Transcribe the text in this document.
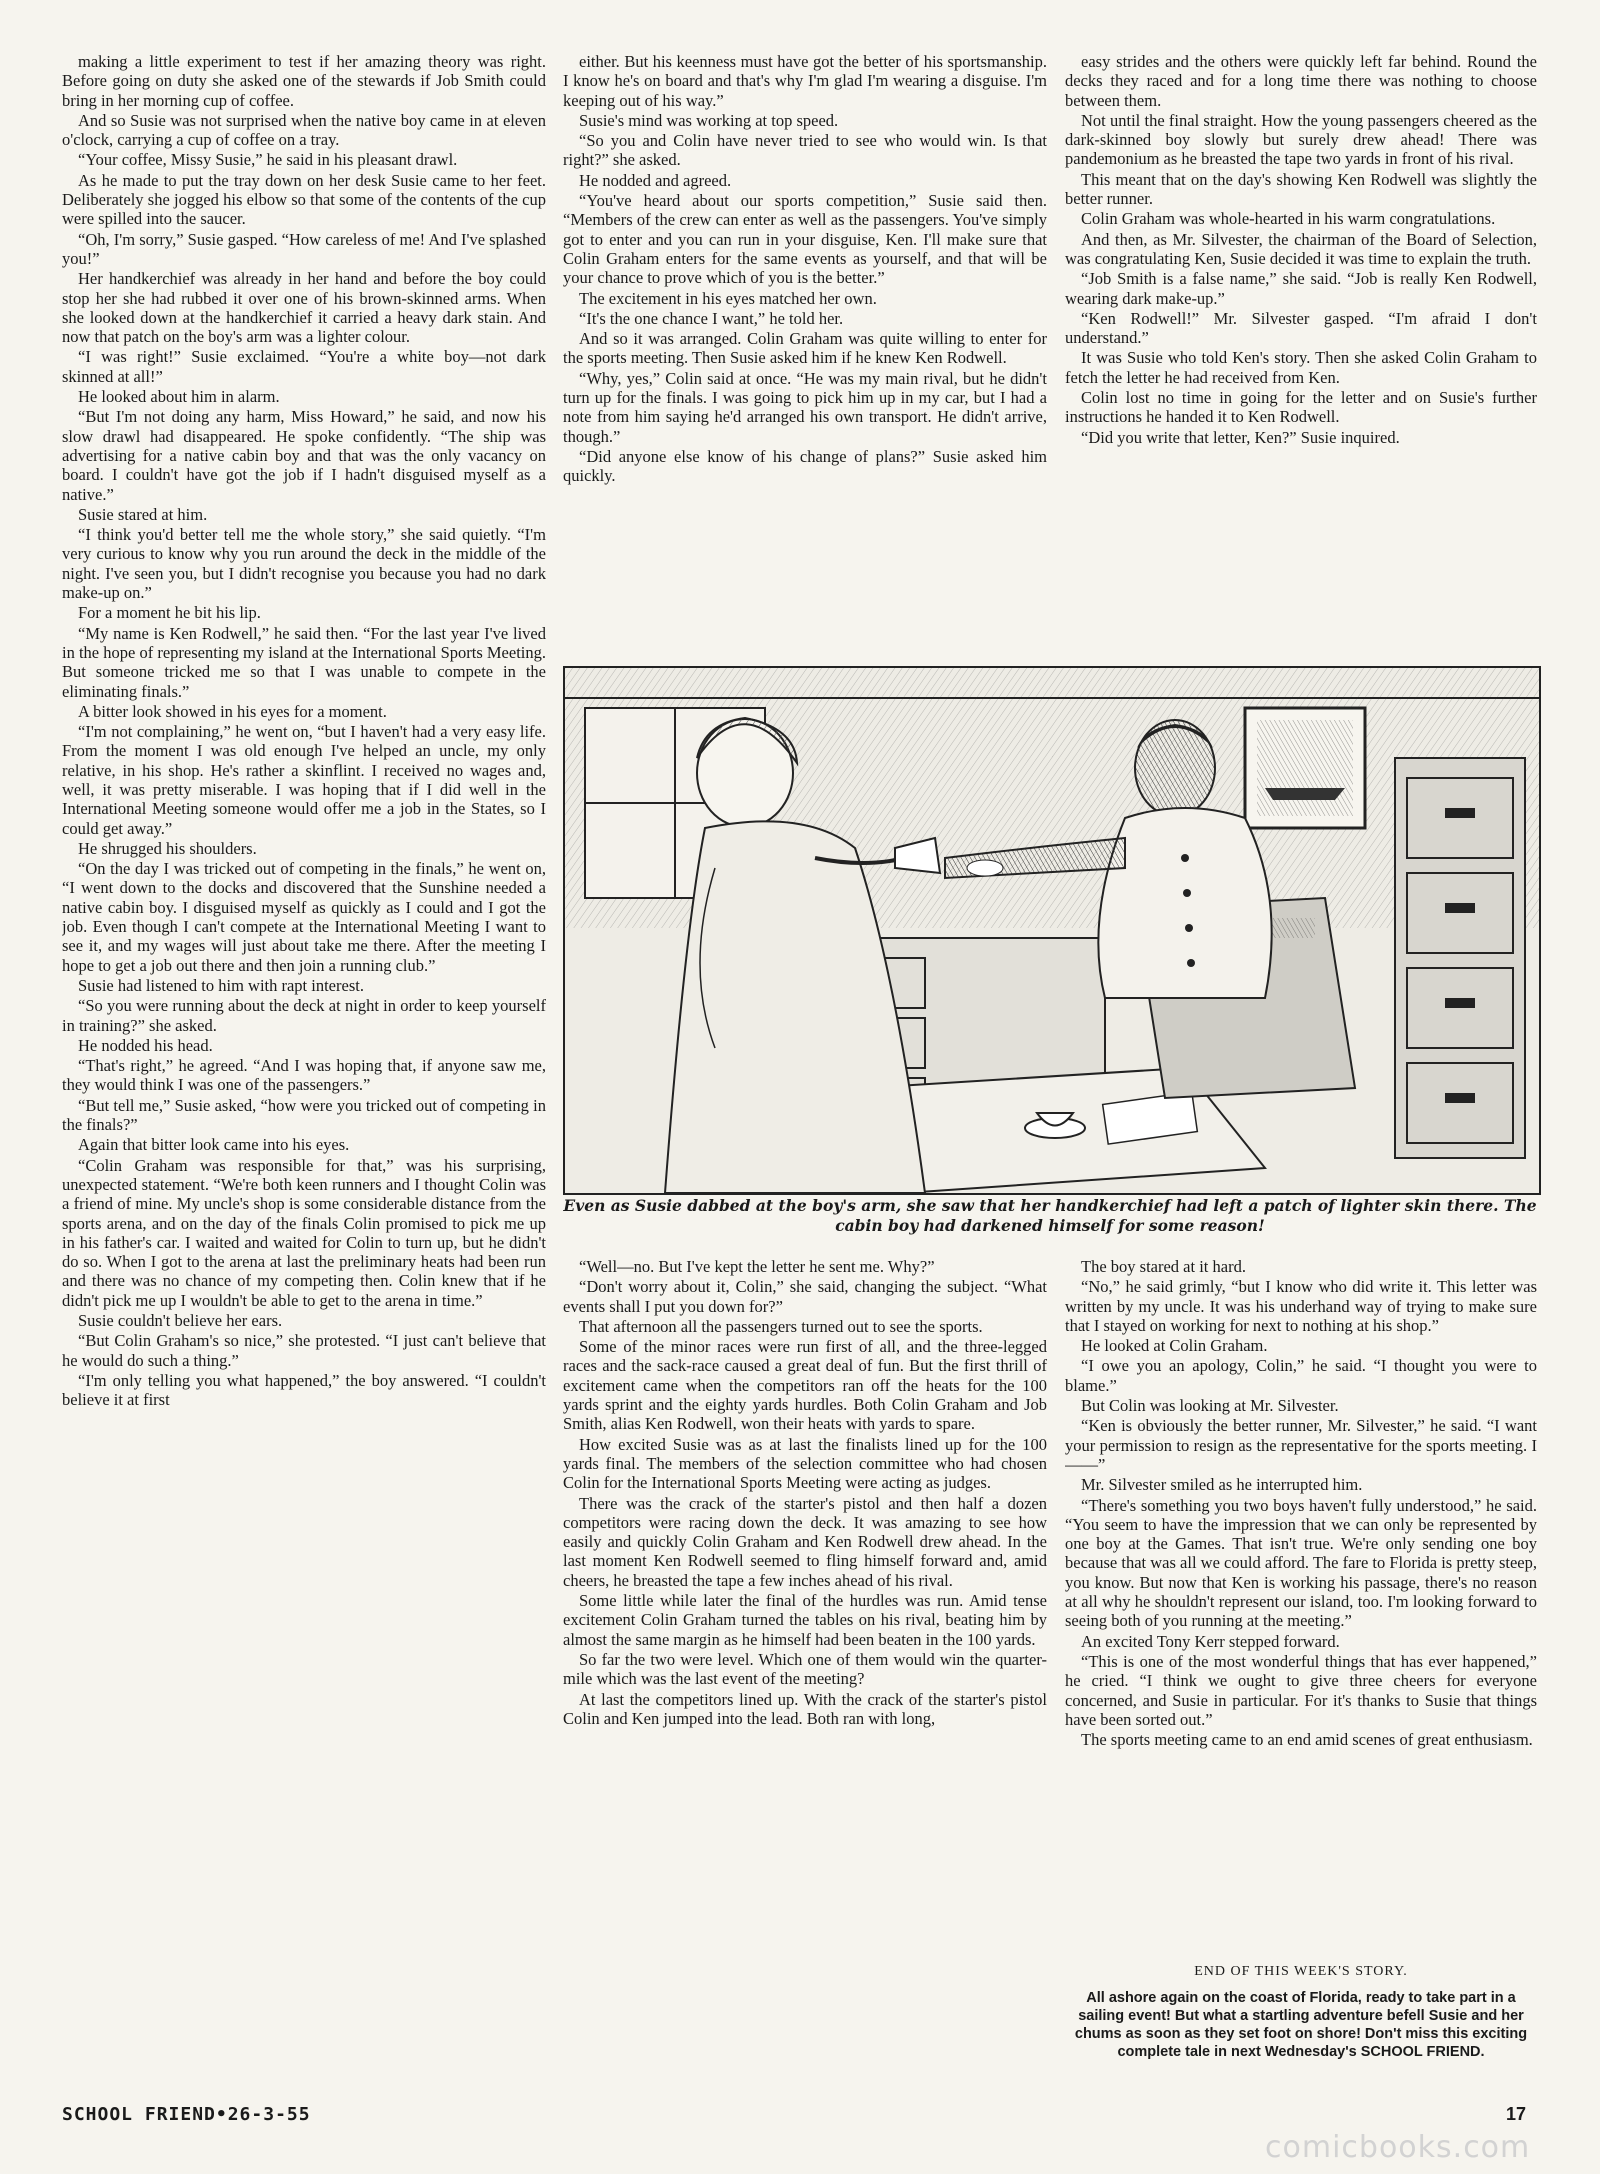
making a little experiment to test if her amazing theory was right. Before going on duty she asked one of the stewards if Job Smith could bring in her morning cup of coffee.

And so Susie was not surprised when the native boy came in at eleven o'clock, carrying a cup of coffee on a tray.

“Your coffee, Missy Susie,” he said in his pleasant drawl.

As he made to put the tray down on her desk Susie came to her feet. Deliberately she jogged his elbow so that some of the contents of the cup were spilled into the saucer.

“Oh, I'm sorry,” Susie gasped. “How careless of me! And I've splashed you!”

Her handkerchief was already in her hand and before the boy could stop her she had rubbed it over one of his brown-skinned arms. When she looked down at the handkerchief it carried a heavy dark stain. And now that patch on the boy's arm was a lighter colour.

“I was right!” Susie exclaimed. “You're a white boy—not dark skinned at all!”

He looked about him in alarm.

“But I'm not doing any harm, Miss Howard,” he said, and now his slow drawl had disappeared. He spoke confidently. “The ship was advertising for a native cabin boy and that was the only vacancy on board. I couldn't have got the job if I hadn't disguised myself as a native.”

Susie stared at him.

“I think you'd better tell me the whole story,” she said quietly. “I'm very curious to know why you run around the deck in the middle of the night. I've seen you, but I didn't recognise you because you had no dark make-up on.”

For a moment he bit his lip.

“My name is Ken Rodwell,” he said then. “For the last year I've lived in the hope of representing my island at the International Sports Meeting. But someone tricked me so that I was unable to compete in the eliminating finals.”

A bitter look showed in his eyes for a moment.

“I'm not complaining,” he went on, “but I haven't had a very easy life. From the moment I was old enough I've helped an uncle, my only relative, in his shop. He's rather a skinflint. I received no wages and, well, it was pretty miserable. I was hoping that if I did well in the International Meeting someone would offer me a job in the States, so I could get away.”

He shrugged his shoulders.

“On the day I was tricked out of competing in the finals,” he went on, “I went down to the docks and discovered that the Sunshine needed a native cabin boy. I disguised myself as quickly as I could and I got the job. Even though I can't compete at the International Meeting I want to see it, and my wages will just about take me there. After the meeting I hope to get a job out there and then join a running club.”

Susie had listened to him with rapt interest.

“So you were running about the deck at night in order to keep yourself in training?” she asked.

He nodded his head.

“That's right,” he agreed. “And I was hoping that, if anyone saw me, they would think I was one of the passengers.”

“But tell me,” Susie asked, “how were you tricked out of competing in the finals?”

Again that bitter look came into his eyes.

“Colin Graham was responsible for that,” was his surprising, unexpected statement. “We're both keen runners and I thought Colin was a friend of mine. My uncle's shop is some considerable distance from the sports arena, and on the day of the finals Colin promised to pick me up in his father's car. I waited and waited for Colin to turn up, but he didn't do so. When I got to the arena at last the preliminary heats had been run and there was no chance of my competing then. Colin knew that if he didn't pick me up I wouldn't be able to get to the arena in time.”

Susie couldn't believe her ears.

“But Colin Graham's so nice,” she protested. “I just can't believe that he would do such a thing.”

“I'm only telling you what happened,” the boy answered. “I couldn't believe it at first

either. But his keenness must have got the better of his sportsmanship. I know he's on board and that's why I'm glad I'm wearing a disguise. I'm keeping out of his way.”

Susie's mind was working at top speed.

“So you and Colin have never tried to see who would win. Is that right?” she asked.

He nodded and agreed.

“You've heard about our sports competition,” Susie said then. “Members of the crew can enter as well as the passengers. You've simply got to enter and you can run in your disguise, Ken. I'll make sure that Colin Graham enters for the same events as yourself, and that will be your chance to prove which of you is the better.”

The excitement in his eyes matched her own.

“It's the one chance I want,” he told her.

And so it was arranged. Colin Graham was quite willing to enter for the sports meeting. Then Susie asked him if he knew Ken Rodwell.

“Why, yes,” Colin said at once. “He was my main rival, but he didn't turn up for the finals. I was going to pick him up in my car, but I had a note from him saying he'd arranged his own transport. He didn't arrive, though.”

“Did anyone else know of his change of plans?” Susie asked him quickly.

easy strides and the others were quickly left far behind. Round the decks they raced and for a long time there was nothing to choose between them.

Not until the final straight. How the young passengers cheered as the dark-skinned boy slowly but surely drew ahead! There was pandemonium as he breasted the tape two yards in front of his rival.

This meant that on the day's showing Ken Rodwell was slightly the better runner.

Colin Graham was whole-hearted in his warm congratulations.

And then, as Mr. Silvester, the chairman of the Board of Selection, was congratulating Ken, Susie decided it was time to explain the truth.

“Job Smith is a false name,” she said. “Job is really Ken Rodwell, wearing dark make-up.”

“Ken Rodwell!” Mr. Silvester gasped. “I'm afraid I don't understand.”

It was Susie who told Ken's story. Then she asked Colin Graham to fetch the letter he had received from Ken.

Colin lost no time in going for the letter and on Susie's further instructions he handed it to Ken Rodwell.

“Did you write that letter, Ken?” Susie inquired.

Even as Susie dabbed at the boy's arm, she saw that her handkerchief had left a patch of lighter skin there. The cabin boy had darkened himself for some reason!

“Well—no. But I've kept the letter he sent me. Why?”

“Don't worry about it, Colin,” she said, changing the subject. “What events shall I put you down for?”

That afternoon all the passengers turned out to see the sports.

Some of the minor races were run first of all, and the three-legged races and the sack-race caused a great deal of fun. But the first thrill of excitement came when the competitors ran off the heats for the 100 yards sprint and the eighty yards hurdles. Both Colin Graham and Job Smith, alias Ken Rodwell, won their heats with yards to spare.

How excited Susie was as at last the finalists lined up for the 100 yards final. The members of the selection committee who had chosen Colin for the International Sports Meeting were acting as judges.

There was the crack of the starter's pistol and then half a dozen competitors were racing down the deck. It was amazing to see how easily and quickly Colin Graham and Ken Rodwell drew ahead. In the last moment Ken Rodwell seemed to fling himself forward and, amid cheers, he breasted the tape a few inches ahead of his rival.

Some little while later the final of the hurdles was run. Amid tense excitement Colin Graham turned the tables on his rival, beating him by almost the same margin as he himself had been beaten in the 100 yards.

So far the two were level. Which one of them would win the quarter-mile which was the last event of the meeting?

At last the competitors lined up. With the crack of the starter's pistol Colin and Ken jumped into the lead. Both ran with long,

The boy stared at it hard.

“No,” he said grimly, “but I know who did write it. This letter was written by my uncle. It was his underhand way of trying to make sure that I stayed on working for next to nothing at his shop.”

He looked at Colin Graham.

“I owe you an apology, Colin,” he said. “I thought you were to blame.”

But Colin was looking at Mr. Silvester.

“Ken is obviously the better runner, Mr. Silvester,” he said. “I want your permission to resign as the representative for the sports meeting. I——”

Mr. Silvester smiled as he interrupted him.

“There's something you two boys haven't fully understood,” he said. “You seem to have the impression that we can only be represented by one boy at the Games. That isn't true. We're only sending one boy because that was all we could afford. The fare to Florida is pretty steep, you know. But now that Ken is working his passage, there's no reason at all why he shouldn't represent our island, too. I'm looking forward to seeing both of you running at the meeting.”

An excited Tony Kerr stepped forward.

“This is one of the most wonderful things that has ever happened,” he cried. “I think we ought to give three cheers for everyone concerned, and Susie in particular. For it's thanks to Susie that things have been sorted out.”

The sports meeting came to an end amid scenes of great enthusiasm.

END OF THIS WEEK'S STORY.
All ashore again on the coast of Florida, ready to take part in a sailing event! But what a startling adventure befell Susie and her chums as soon as they set foot on shore! Don't miss this exciting complete tale in next Wednesday's SCHOOL FRIEND.
SCHOOL FRIEND•26-3-55	17
comicbooks.com
